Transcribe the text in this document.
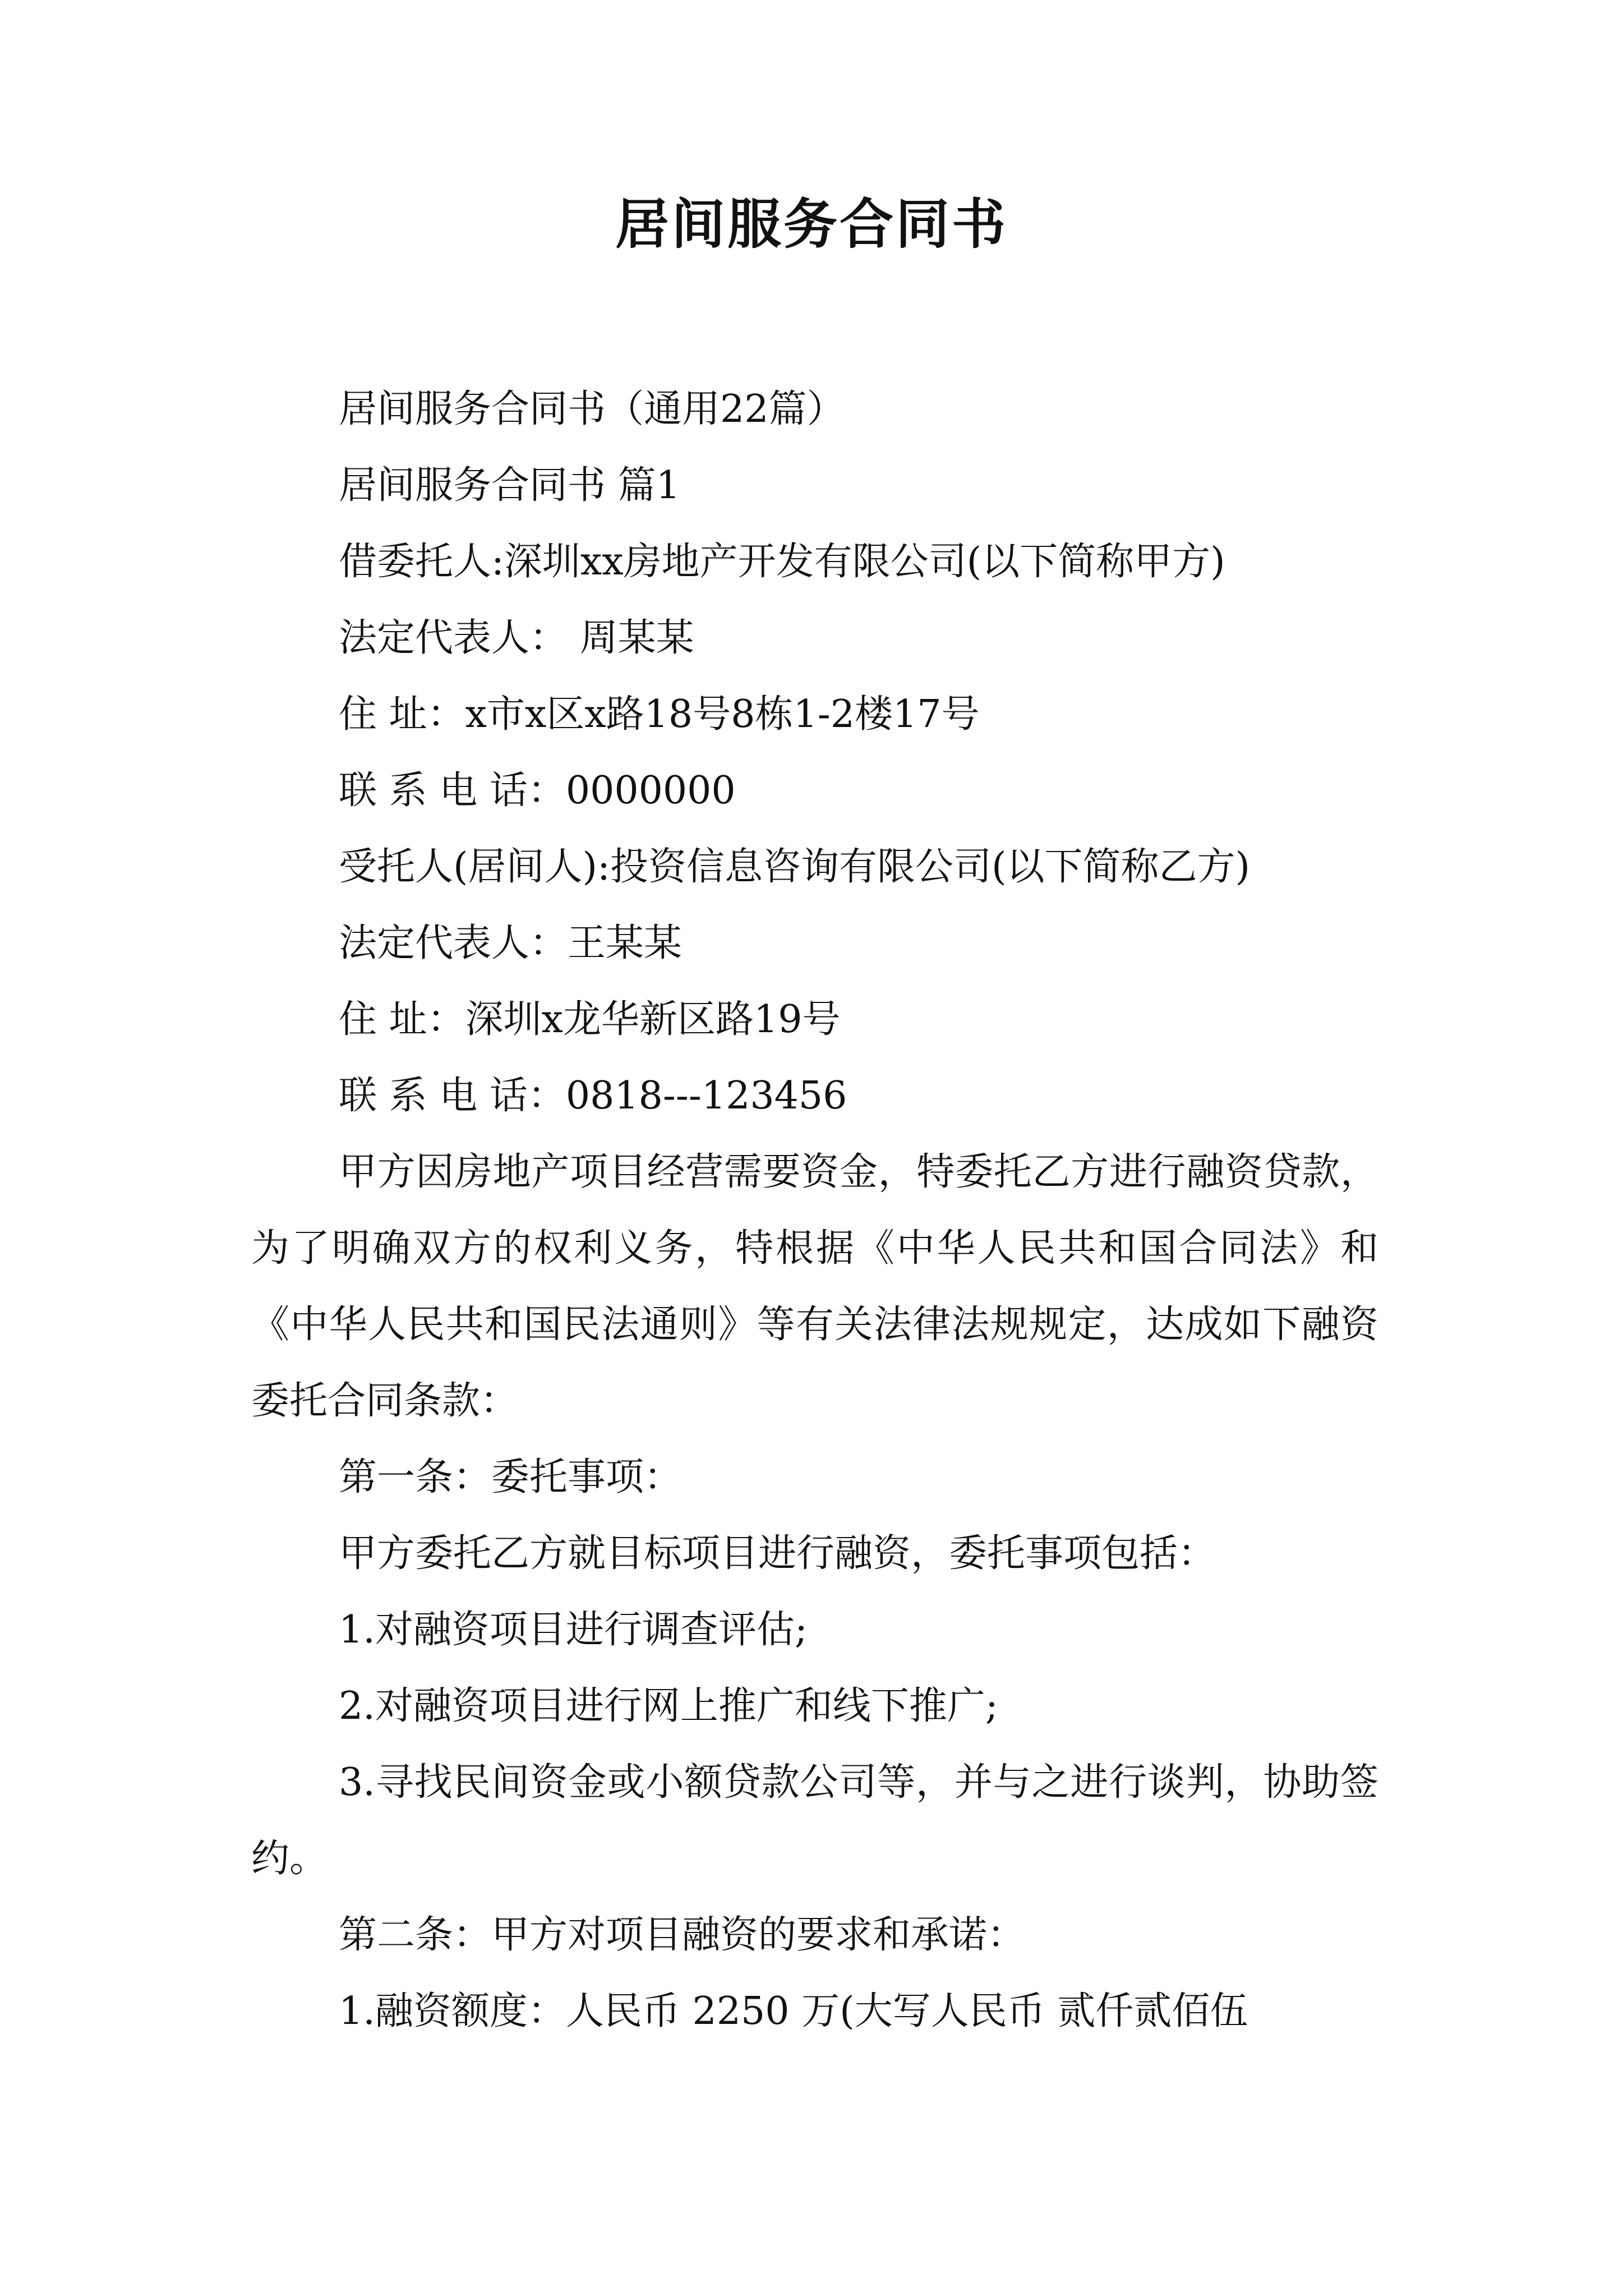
居间服务合同书

居间服务合同书（通用22篇）

居间服务合同书 篇1

借委托人:深圳xx房地产开发有限公司(以下简称甲方)

法定代表人： 周某某

住 址：x市x区x路18号8栋1-2楼17号

联 系 电 话：0000000

受托人(居间人):投资信息咨询有限公司(以下简称乙方)

法定代表人：王某某

住 址：深圳x龙华新区路19号

联 系 电 话：0818---123456

甲方因房地产项目经营需要资金，特委托乙方进行融资贷款，为了明确双方的权利义务，特根据《中华人民共和国合同法》和《中华人民共和国民法通则》等有关法律法规规定，达成如下融资委托合同条款：

第一条：委托事项：

甲方委托乙方就目标项目进行融资，委托事项包括：

1.对融资项目进行调查评估;

2.对融资项目进行网上推广和线下推广;

3.寻找民间资金或小额贷款公司等，并与之进行谈判，协助签约。

第二条：甲方对项目融资的要求和承诺：

1.融资额度：人民币 2250 万(大写人民币 贰仟贰佰伍
